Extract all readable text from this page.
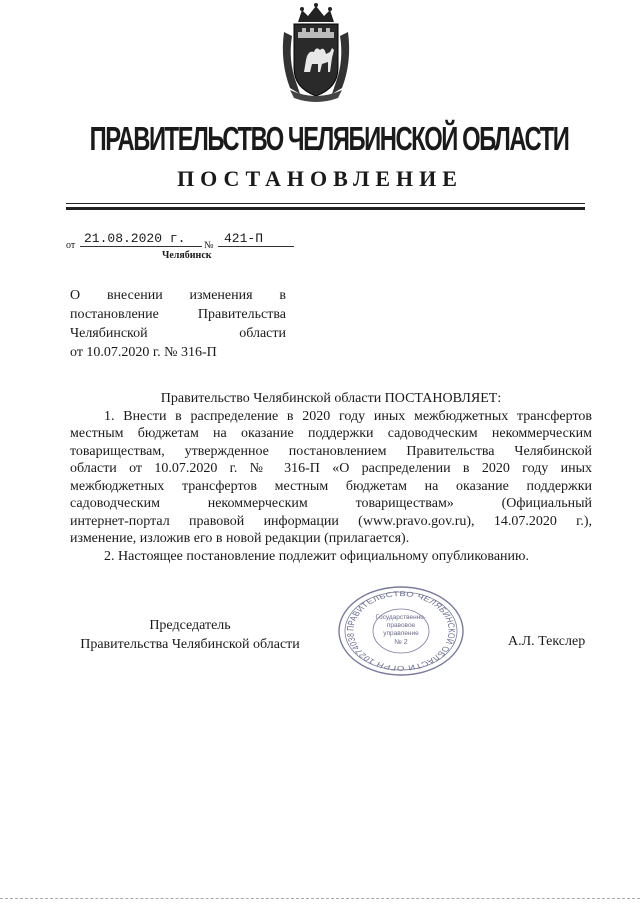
ПРАВИТЕЛЬСТВО ЧЕЛЯБИНСКОЙ ОБЛАСТИ
ПОСТАНОВЛЕНИЕ
от 21.08.2020 г. № 421-П
Челябинск
О внесении изменения в
постановление Правительства
Челябинской области
от 10.07.2020 г. № 316-П
Правительство Челябинской области ПОСТАНОВЛЯЕТ:
1. Внести в распределение в 2020 году иных межбюджетных трансфертов
местным бюджетам на оказание поддержки садоводческим некоммерческим
товариществам, утвержденное постановлением Правительства Челябинской
области от 10.07.2020 г. № 316-П «О распределении в 2020 году иных
межбюджетных трансфертов местным бюджетам на оказание поддержки
садоводческим некоммерческим товариществам» (Официальный
интернет-портал правовой информации (www.pravo.gov.ru), 14.07.2020 г.),
изменение, изложив его в новой редакции (прилагается).
2. Настоящее постановление подлежит официальному опубликованию.
Председатель
Правительства Челябинской области	А.Л. Текслер
ПРАВИТЕЛЬСТВО ЧЕЛЯБИНСКОЙ ОБЛАСТИ ОГРН 10274038
Государственно-
правовое
управление
№ 2
